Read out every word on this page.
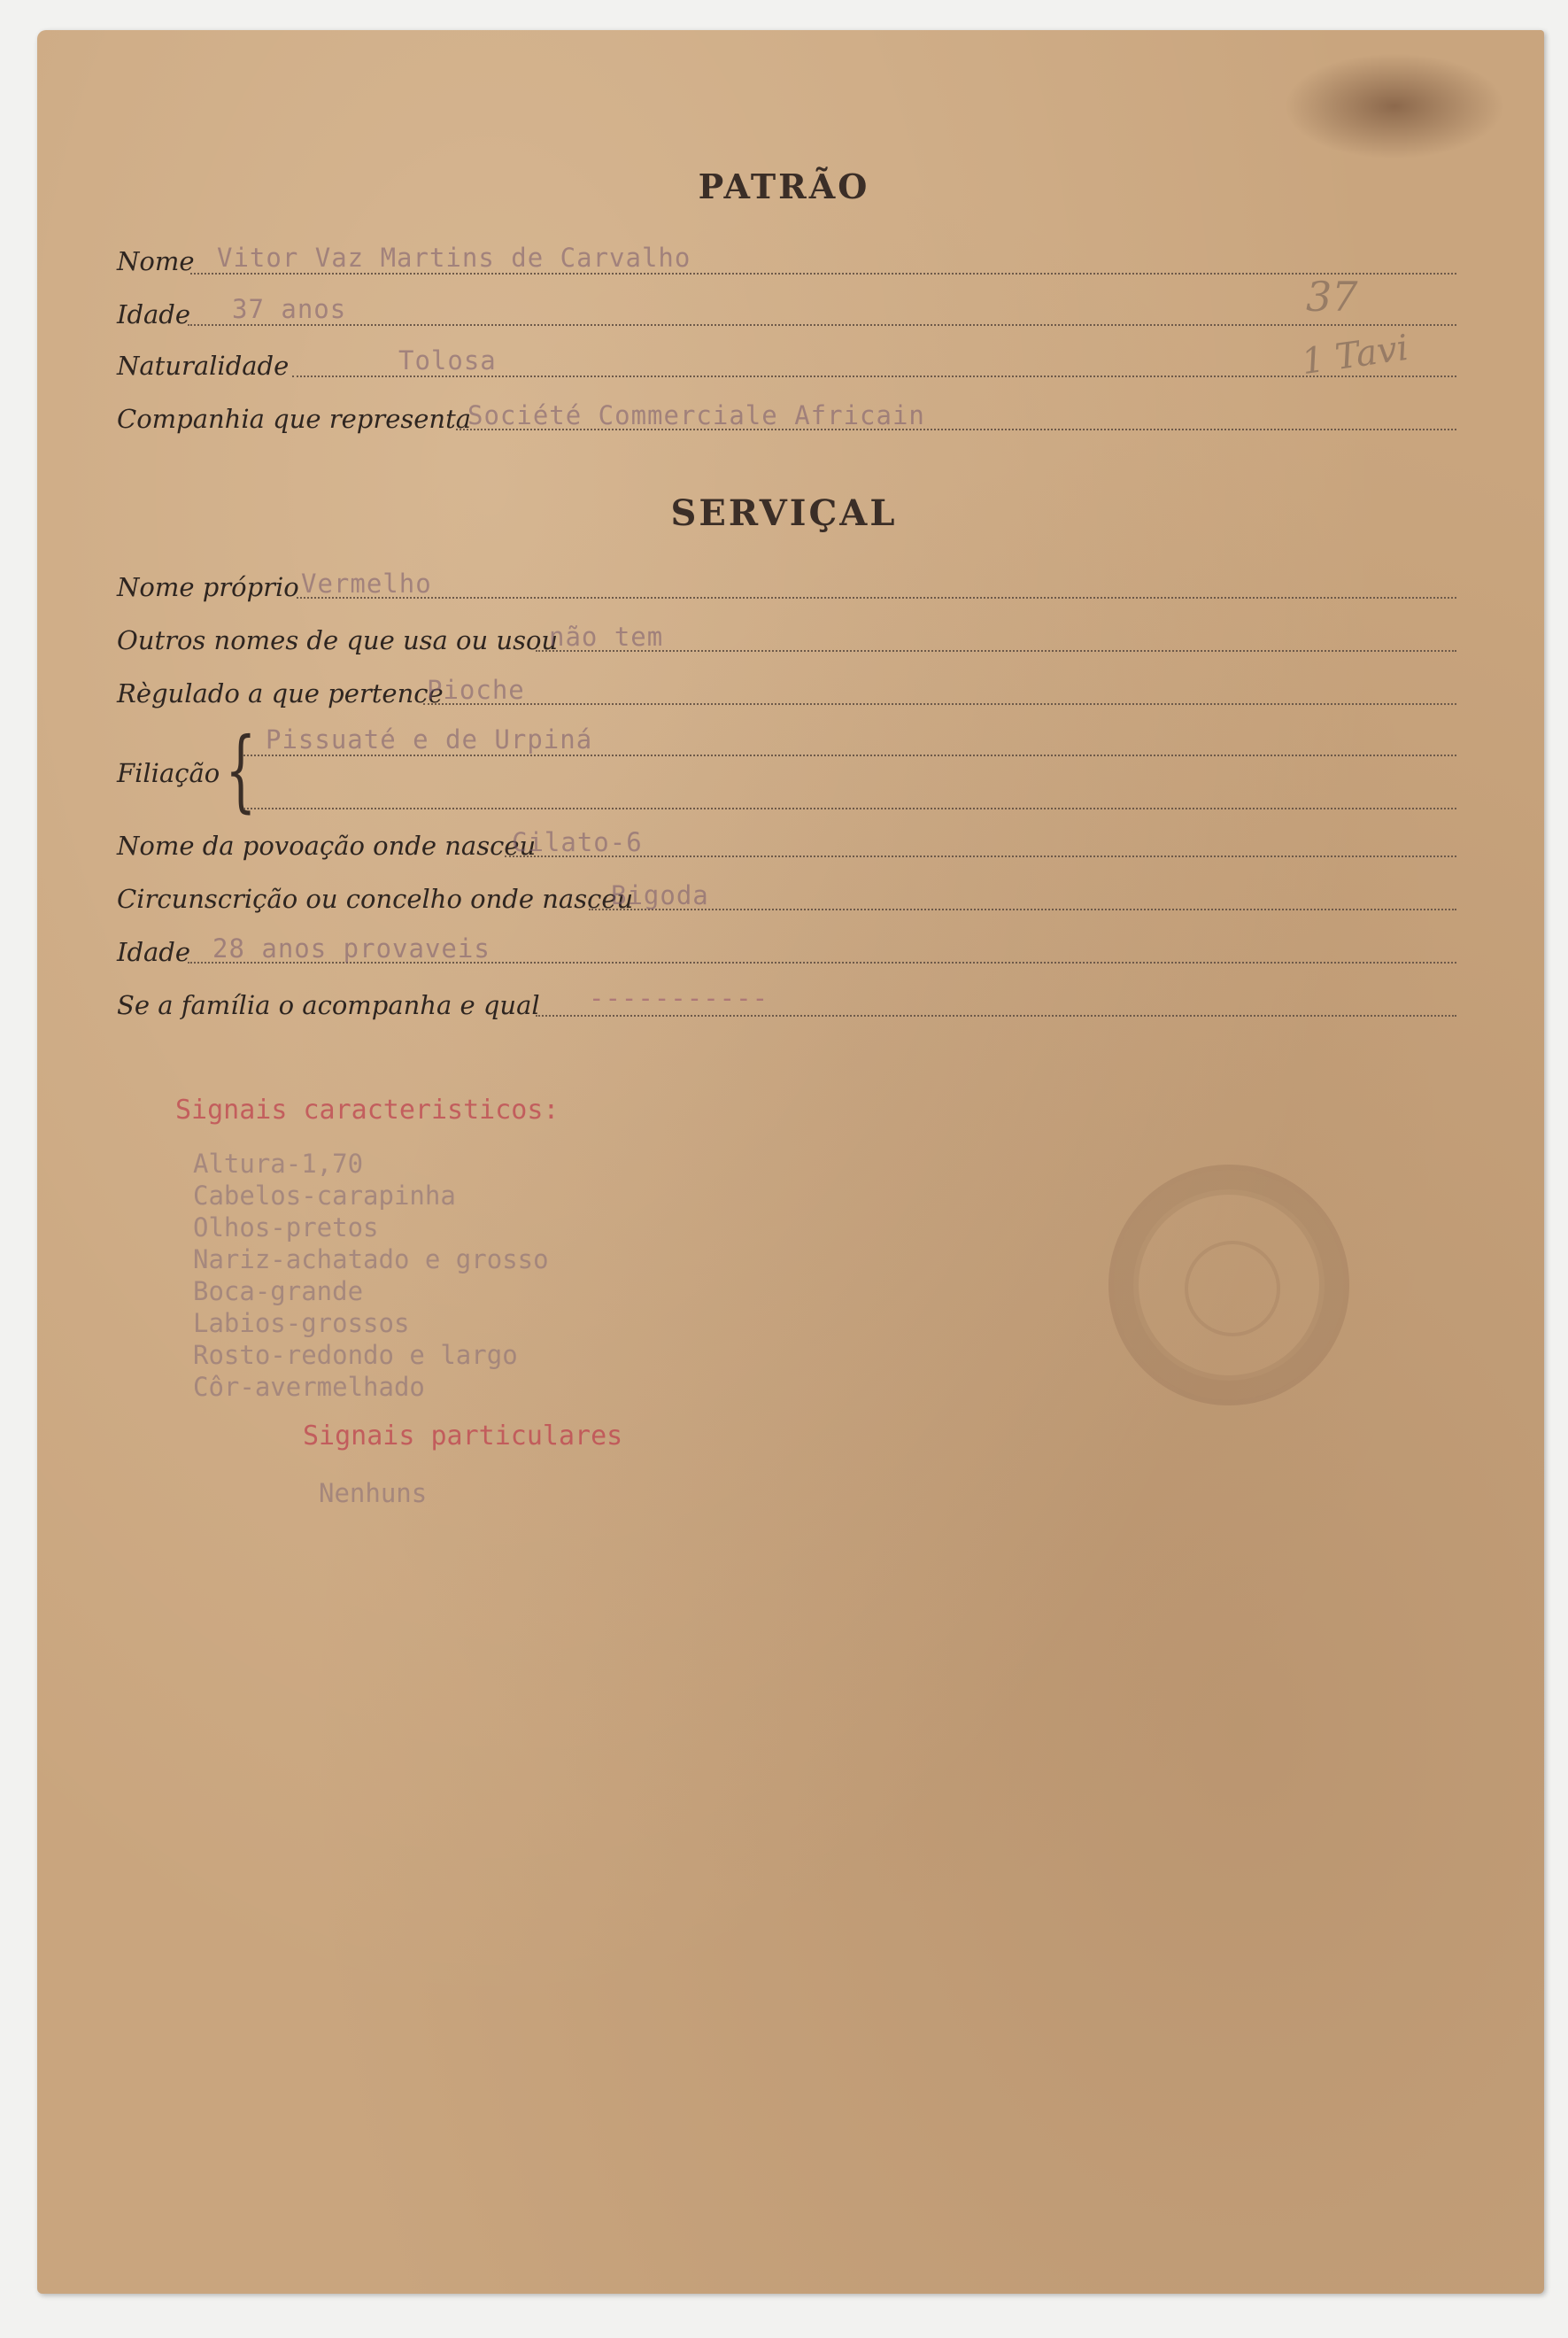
PATRÃO
Nome Vitor Vaz Martins de Carvalho
Idade 37 anos
Naturalidade	Tolosa
Companhia que representa
Société Commerciale Africain
37
1 Tavi
SERVIÇAL
Nome próprio Vermelho
Outros nomes de que usa ou usou
não tem
Règulado a que pertence
Pioche
Filiação { Pissuaté e de Urpiná
Nome da povoação onde nasceu
Cilato-6
Circunscrição ou concelho onde nasceu
Bigoda
Idade 28 anos provaveis
Se a família o acompanha e qual -----------
Signais caracteristicos:
Altura-1,70
Cabelos-carapinha
Olhos-pretos
Nariz-achatado e grosso
Boca-grande
Labios-grossos
Rosto-redondo e largo
Côr-avermelhado
Signais particulares
Nenhuns
